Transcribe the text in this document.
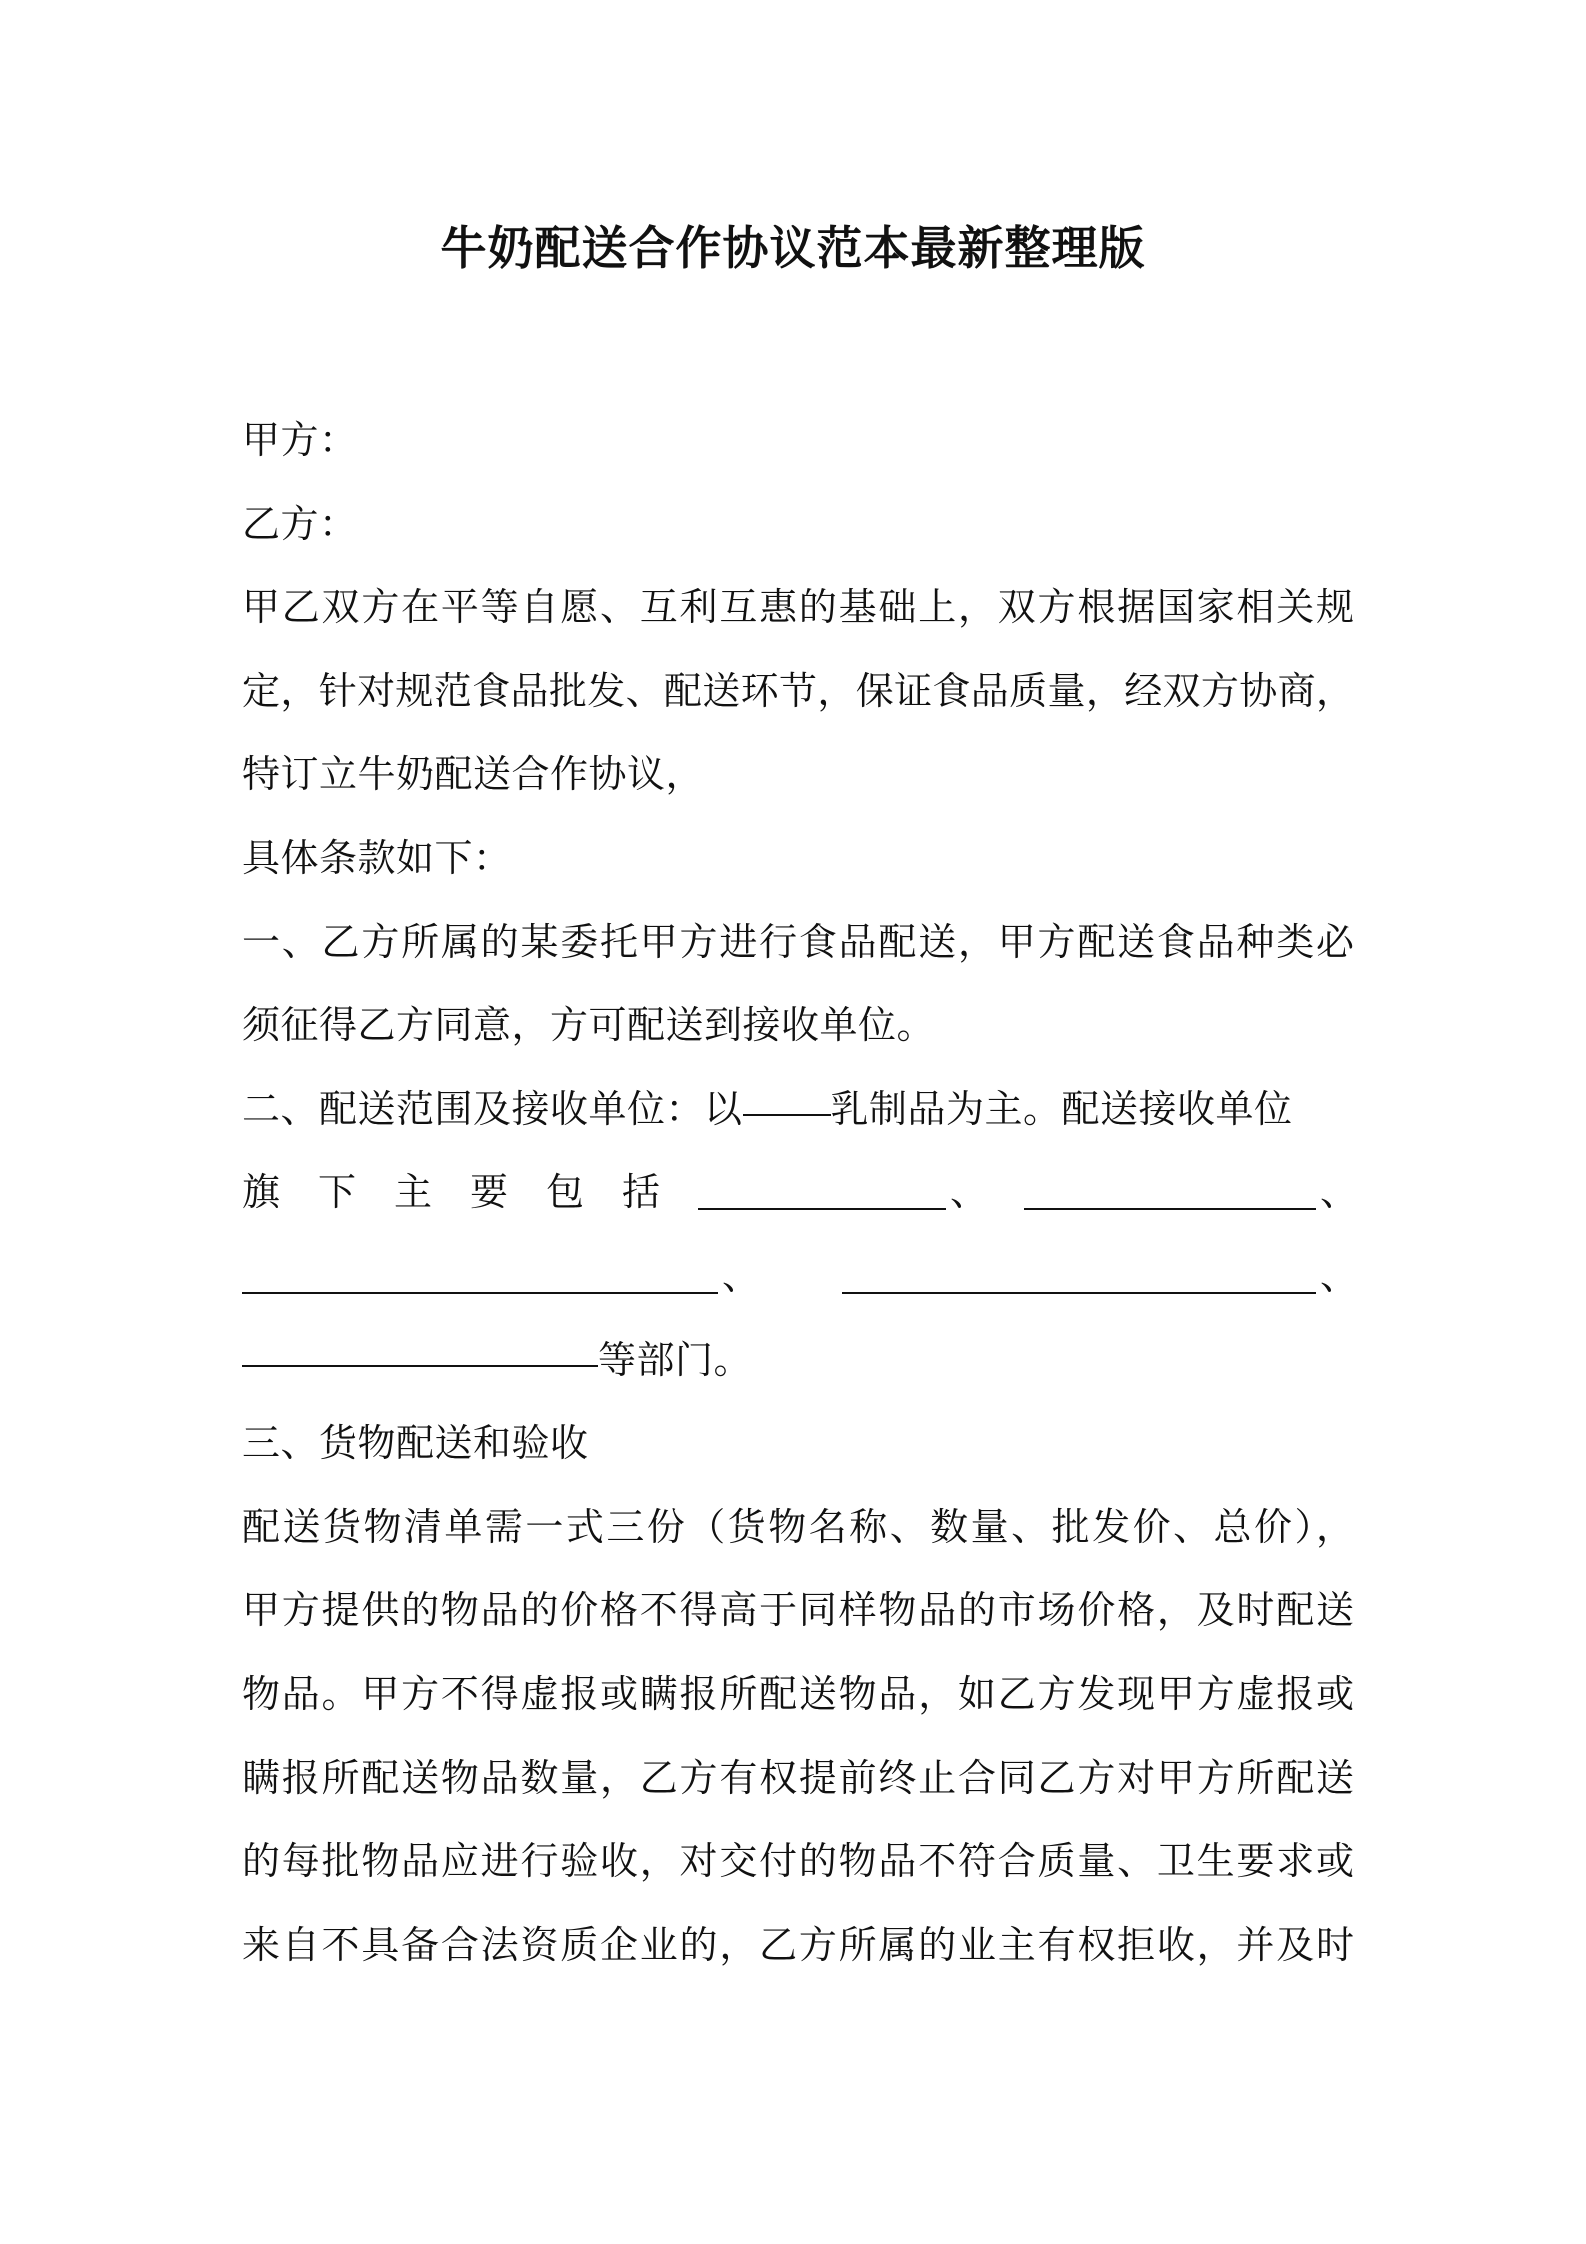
牛奶配送合作协议范本最新整理版
甲方：
乙方：
甲乙双方在平等自愿、互利互惠的基础上，双方根据国家相关规
定，针对规范食品批发、配送环节，保证食品质量，经双方协商，
特订立牛奶配送合作协议，
具体条款如下：
一、乙方所属的某委托甲方进行食品配送，甲方配送食品种类必
须征得乙方同意，方可配送到接收单位。
二、配送范围及接收单位：以 乳制品为主。配送接收单位
旗 下 主 要 包 括	、	、
、	、
等部门。
三、货物配送和验收
配送货物清单需一式三份（货物名称、数量、批发价、总价），
甲方提供的物品的价格不得高于同样物品的市场价格，及时配送
物品。甲方不得虚报或瞒报所配送物品，如乙方发现甲方虚报或
瞒报所配送物品数量，乙方有权提前终止合同乙方对甲方所配送
的每批物品应进行验收，对交付的物品不符合质量、卫生要求或
来自不具备合法资质企业的，乙方所属的业主有权拒收，并及时
